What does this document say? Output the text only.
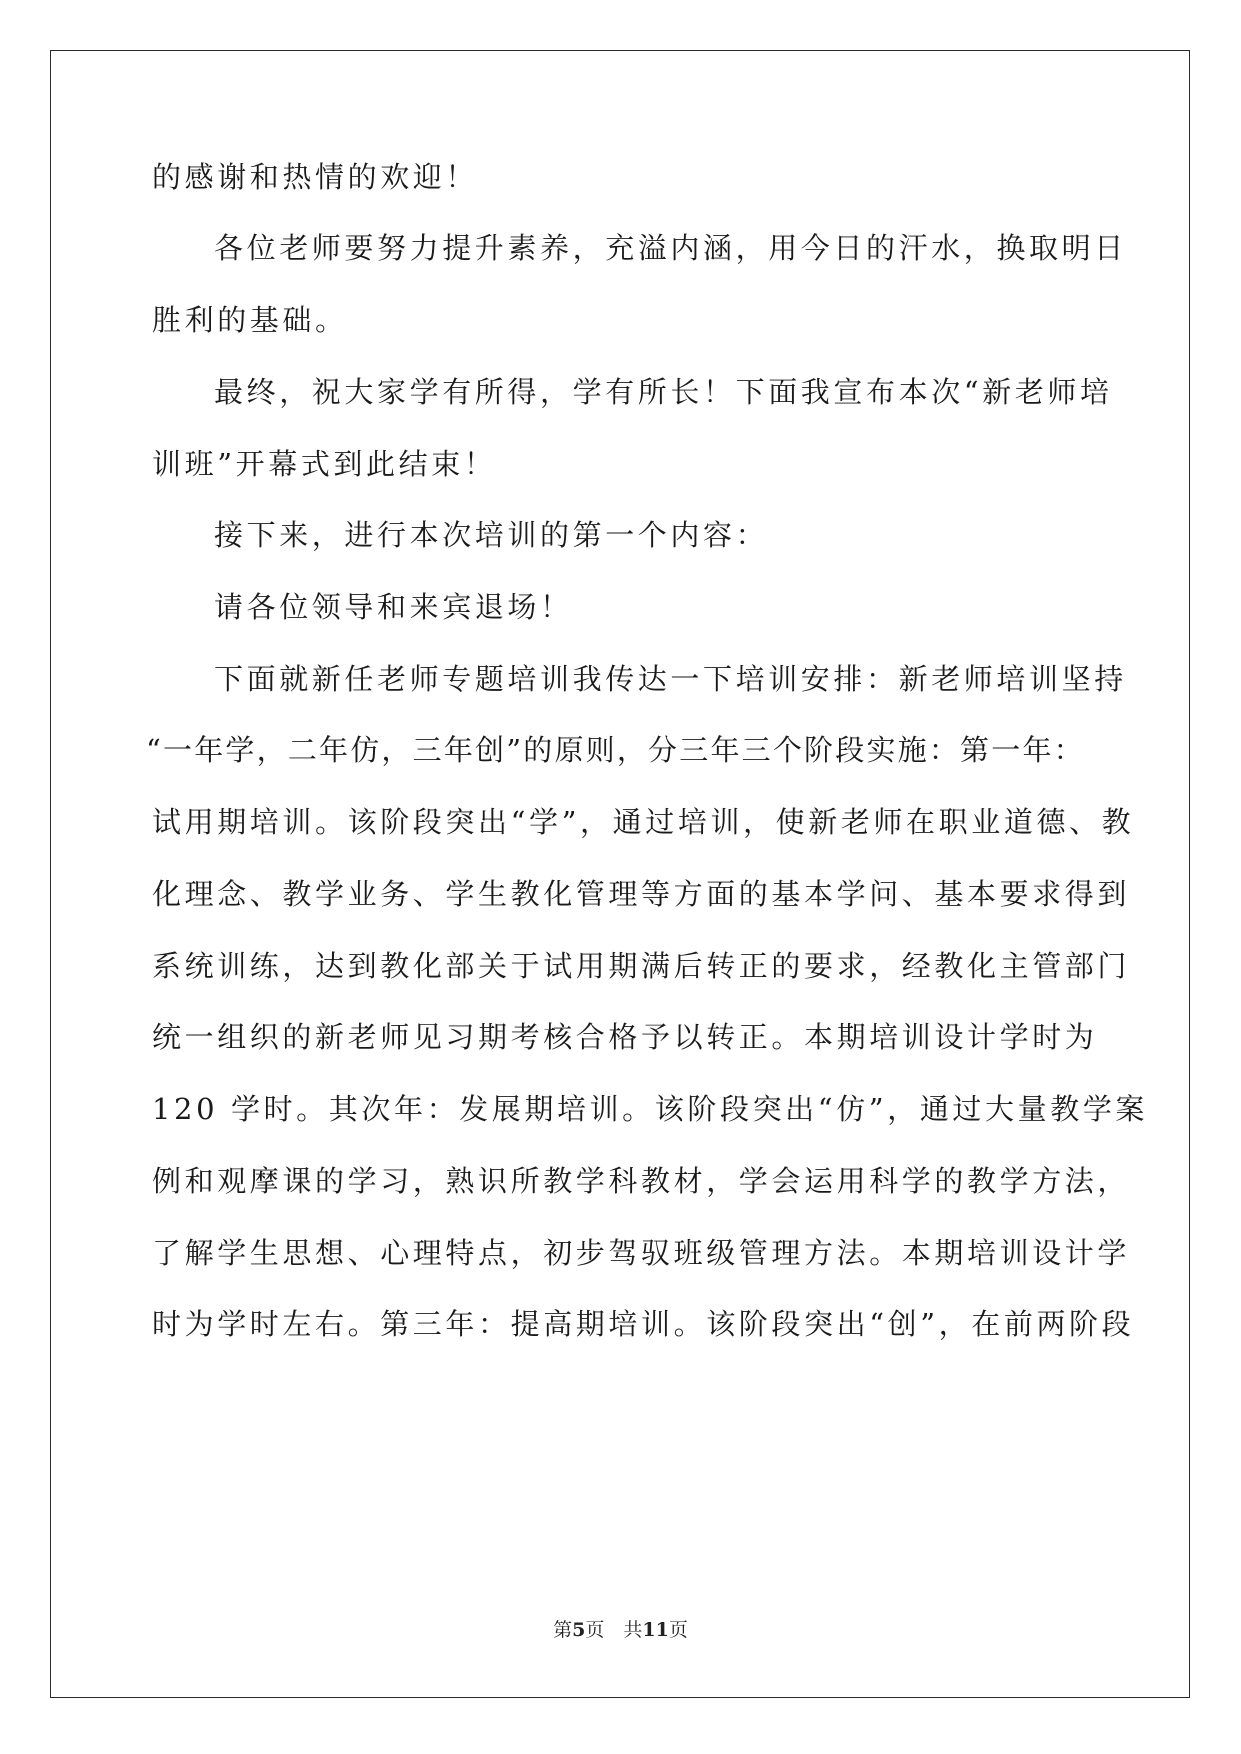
的感谢和热情的欢迎！
各位老师要努力提升素养，充溢内涵，用今日的汗水，换取明日
胜利的基础。
最终，祝大家学有所得，学有所长！下面我宣布本次“新老师培
训班”开幕式到此结束！
接下来，进行本次培训的第一个内容：
请各位领导和来宾退场！
下面就新任老师专题培训我传达一下培训安排：新老师培训坚持
“一年学，二年仿，三年创”的原则，分三年三个阶段实施：第一年：
试用期培训。该阶段突出“学”，通过培训，使新老师在职业道德、教
化理念、教学业务、学生教化管理等方面的基本学问、基本要求得到
系统训练，达到教化部关于试用期满后转正的要求，经教化主管部门
统一组织的新老师见习期考核合格予以转正。本期培训设计学时为
120 学时。其次年：发展期培训。该阶段突出“仿”，通过大量教学案
例和观摩课的学习，熟识所教学科教材，学会运用科学的教学方法，
了解学生思想、心理特点，初步驾驭班级管理方法。本期培训设计学
时为学时左右。第三年：提高期培训。该阶段突出“创”，在前两阶段
第5页　共11页
